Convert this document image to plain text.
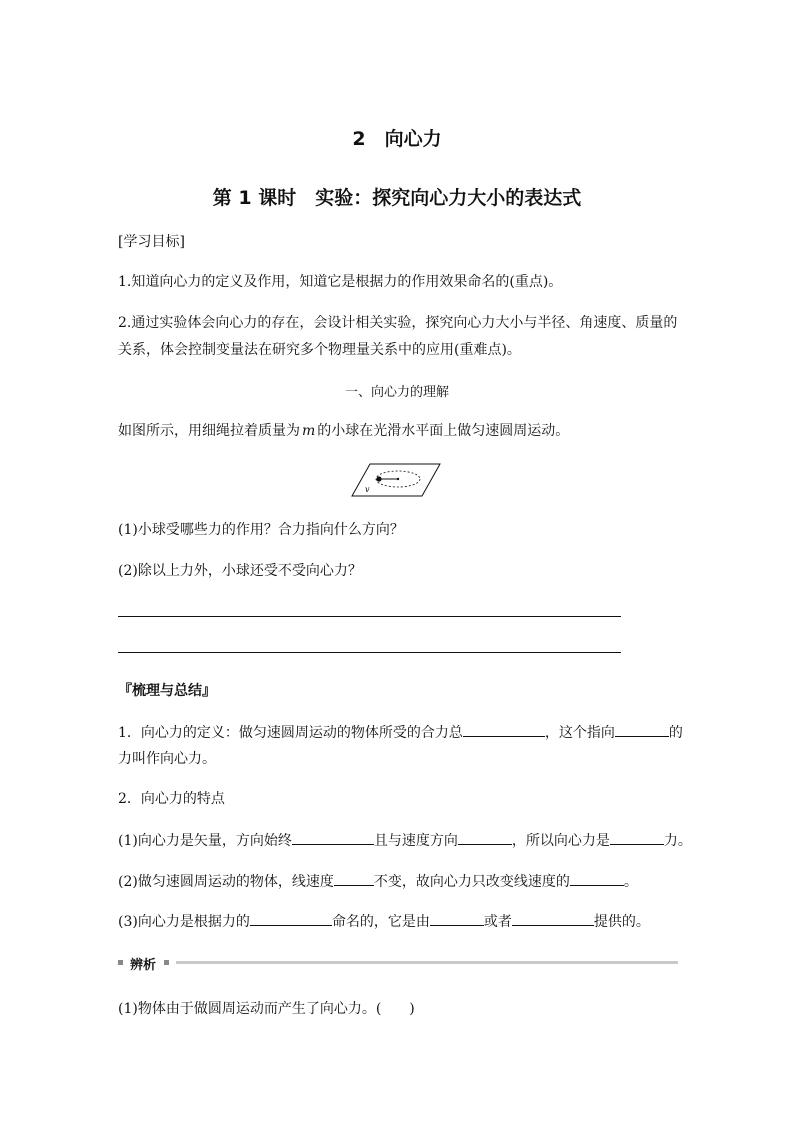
2　向心力
第 1 课时　实验：探究向心力大小的表达式
[学习目标]
1.知道向心力的定义及作用，知道它是根据力的作用效果命名的(重点)。
2.通过实验体会向心力的存在，会设计相关实验，探究向心力大小与半径、角速度、质量的
关系，体会控制变量法在研究多个物理量关系中的应用(重难点)。
一、向心力的理解
如图所示，用细绳拉着质量为 m 的小球在光滑水平面上做匀速圆周运动。
v
(1)小球受哪些力的作用？合力指向什么方向？
(2)除以上力外，小球还受不受向心力？
『梳理与总结』
1．向心力的定义：做匀速圆周运动的物体所受的合力总	，这个指向	的
力叫作向心力。
2．向心力的特点
(1)向心力是矢量，方向始终	且与速度方向	，所以向心力是	力。
(2)做匀速圆周运动的物体，线速度	不变，故向心力只改变线速度的	。
(3)向心力是根据力的	命名的，它是由	或者	提供的。
辨析
(1)物体由于做圆周运动而产生了向心力。(　　)
